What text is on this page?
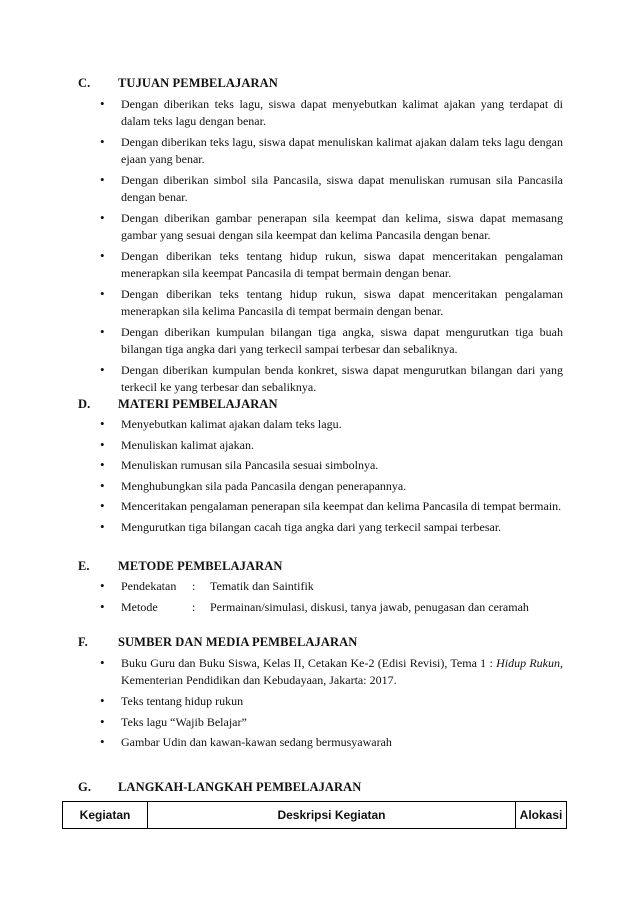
C. TUJUAN PEMBELAJARAN
• Dengan diberikan teks lagu, siswa dapat menyebutkan kalimat ajakan yang terdapat di dalam teks lagu dengan benar.
• Dengan diberikan teks lagu, siswa dapat menuliskan kalimat ajakan dalam teks lagu dengan ejaan yang benar.
• Dengan diberikan simbol sila Pancasila, siswa dapat menuliskan rumusan sila Pancasila dengan benar.
• Dengan diberikan gambar penerapan sila keempat dan kelima, siswa dapat memasang gambar yang sesuai dengan sila keempat dan kelima Pancasila dengan benar.
• Dengan diberikan teks tentang hidup rukun, siswa dapat menceritakan pengalaman menerapkan sila keempat Pancasila di tempat bermain dengan benar.
• Dengan diberikan teks tentang hidup rukun, siswa dapat menceritakan pengalaman menerapkan sila kelima Pancasila di tempat bermain dengan benar.
• Dengan diberikan kumpulan bilangan tiga angka, siswa dapat mengurutkan tiga buah bilangan tiga angka dari yang terkecil sampai terbesar dan sebaliknya.
• Dengan diberikan kumpulan benda konkret, siswa dapat mengurutkan bilangan dari yang terkecil ke yang terbesar dan sebaliknya.
D. MATERI PEMBELAJARAN
• Menyebutkan kalimat ajakan dalam teks lagu.
• Menuliskan kalimat ajakan.
• Menuliskan rumusan sila Pancasila sesuai simbolnya.
• Menghubungkan sila pada Pancasila dengan penerapannya.
• Menceritakan pengalaman penerapan sila keempat dan kelima Pancasila di tempat bermain.
• Mengurutkan tiga bilangan cacah tiga angka dari yang terkecil sampai terbesar.
E. METODE PEMBELAJARAN
• Pendekatan : Tematik dan Saintifik
• Metode	: Permainan/simulasi, diskusi, tanya jawab, penugasan dan ceramah
F. SUMBER DAN MEDIA PEMBELAJARAN
• Buku Guru dan Buku Siswa, Kelas II, Cetakan Ke-2 (Edisi Revisi), Tema 1 : Hidup Rukun, Kementerian Pendidikan dan Kebudayaan, Jakarta: 2017.
• Teks tentang hidup rukun
• Teks lagu “Wajib Belajar”
• Gambar Udin dan kawan-kawan sedang bermusyawarah
G. LANGKAH-LANGKAH PEMBELAJARAN
Kegiatan	Deskripsi Kegiatan	Alokasi
